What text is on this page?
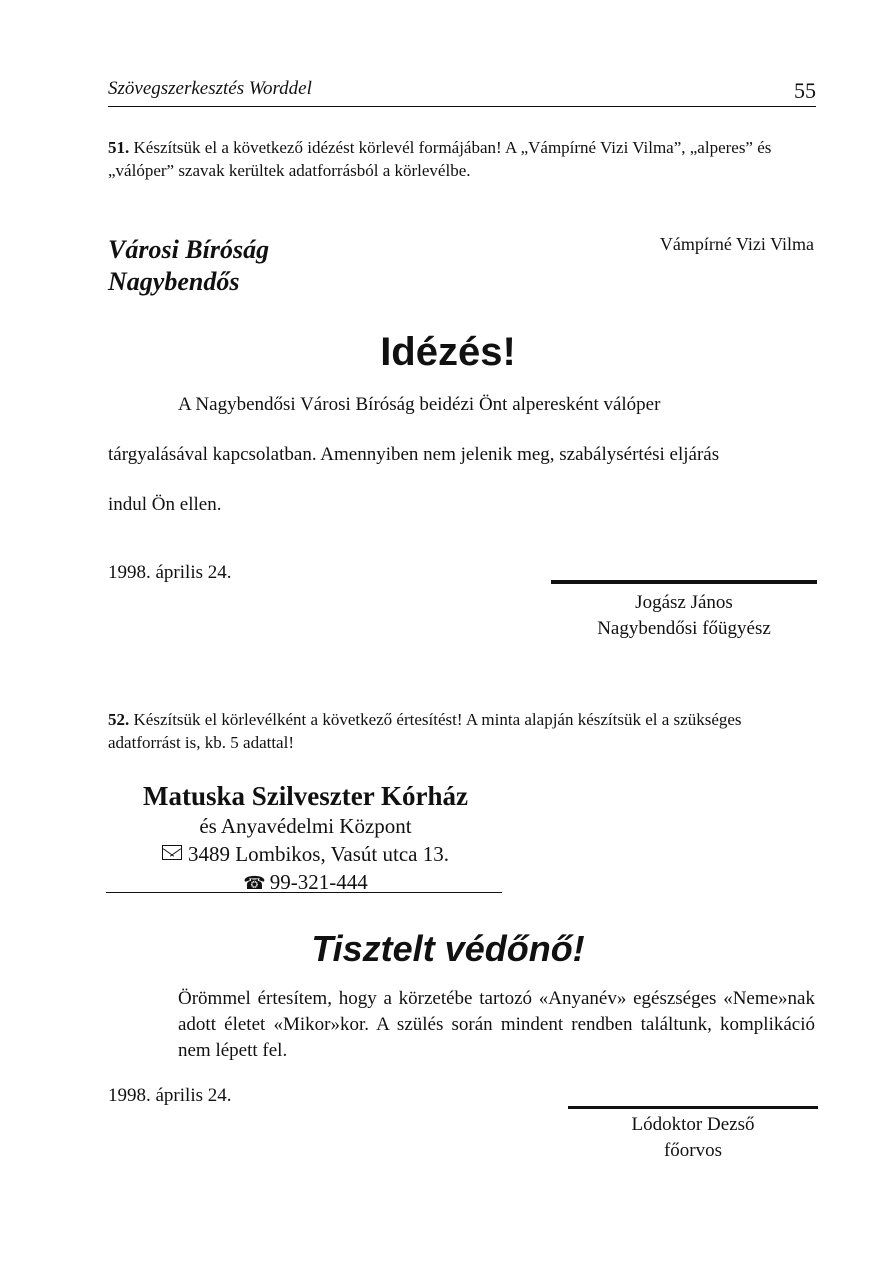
Szövegszerkesztés Worddel	55
51. Készítsük el a következő idézést körlevél formájában! A „Vámpírné Vizi Vilma”, „alperes” és „válóper” szavak kerültek adatforrásból a körlevélbe.
Városi Bíróság
Nagybendős
Vámpírné Vizi Vilma
Idézés!
A Nagybendősi Városi Bíróság beidézi Önt alperesként válóper
tárgyalásával kapcsolatban. Amennyiben nem jelenik meg, szabálysértési eljárás
indul Ön ellen.
1998. április 24.
Jogász János
Nagybendősi főügyész
52. Készítsük el körlevélként a következő értesítést! A minta alapján készítsük el a szükséges adatforrást is, kb. 5 adattal!
Matuska Szilveszter Kórház
és Anyavédelmi Központ
3489 Lombikos, Vasút utca 13.
☎ 99-321-444
Tisztelt védőnő!
Örömmel értesítem, hogy a körzetébe tartozó «Anyanév» egészséges «Neme»nak adott életet «Mikor»kor. A szülés során mindent rendben találtunk, komplikáció nem lépett fel.
1998. április 24.
Lódoktor Dezső
főorvos
